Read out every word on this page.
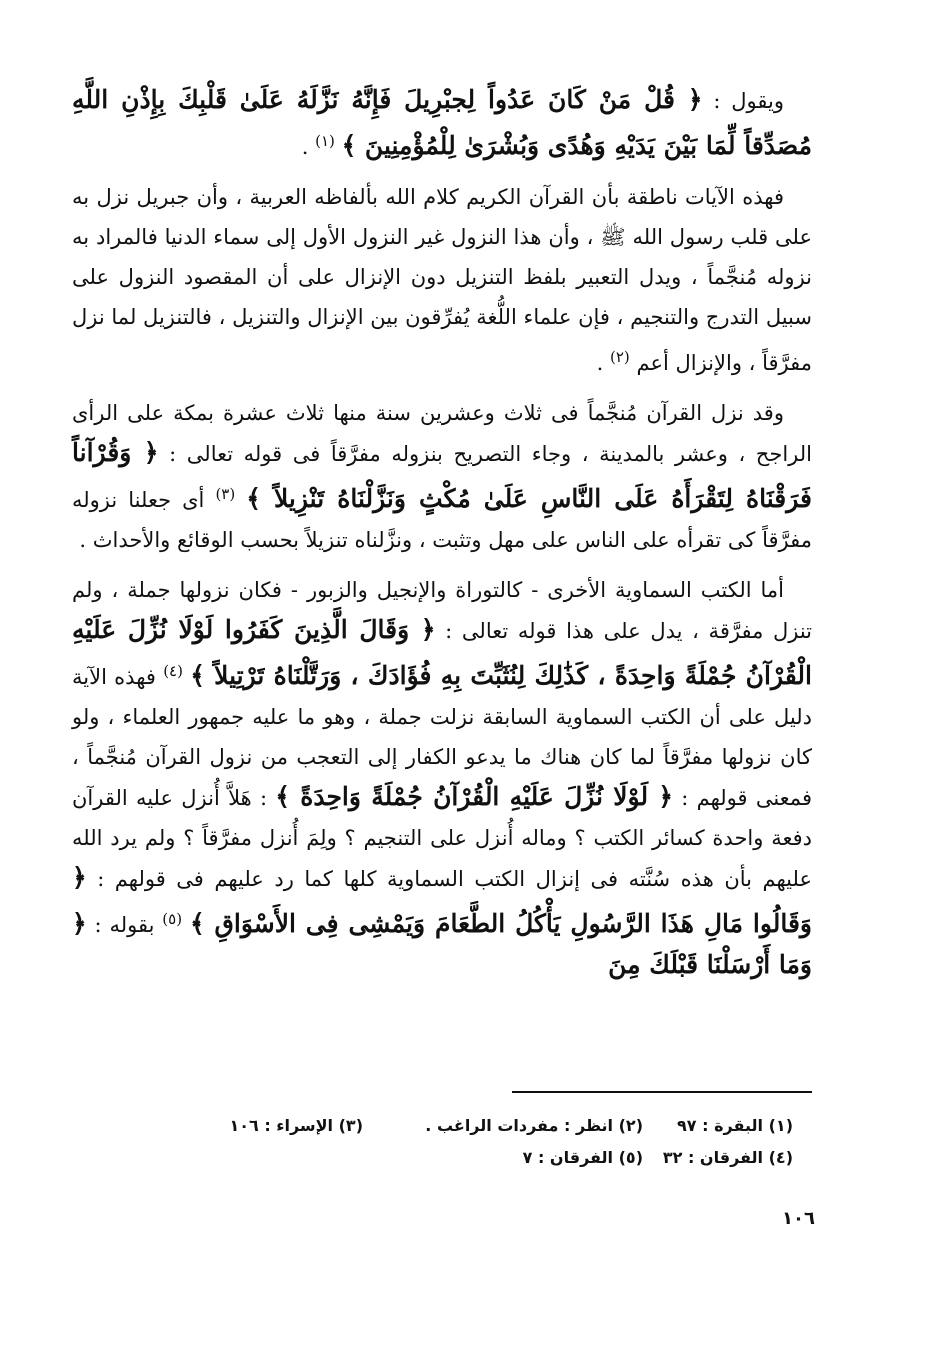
ويقول : ﴿ قُلْ مَنْ كَانَ عَدُواً لِجبْرِيلَ فَإِنَّهُ نَزَّلَهُ عَلَىٰ قَلْبِكَ بِإِذْنِ اللَّهِ مُصَدِّقاً لِّمَا بَيْنَ يَدَيْهِ وَهُدًى وَبُشْرَىٰ لِلْمُؤْمِنِينَ ﴾ $^{(١)}$ .

فهذه الآيات ناطقة بأن القرآن الكريم كلام الله بألفاظه العربية ، وأن جبريل نزل به على قلب رسول الله ﷺ ، وأن هذا النزول غير النزول الأول إلى سماء الدنيا فالمراد به نزوله مُنجَّماً ، ويدل التعبير بلفظ التنزيل دون الإنزال على أن المقصود النزول على سبيل التدرج والتنجيم ، فإن علماء اللُّغة يُفرِّقون بين الإنزال والتنزيل ، فالتنزيل لما نزل مفرَّقاً ، والإنزال أعم $^{(٢)}$ .

وقد نزل القرآن مُنجَّماً فى ثلاث وعشرين سنة منها ثلاث عشرة بمكة على الرأى الراجح ، وعشر بالمدينة ، وجاء التصريح بنزوله مفرَّقاً فى قوله تعالى : ﴿ وَقُرْآناً فَرَقْنَاهُ لِتَقْرَأَهُ عَلَى النَّاسِ عَلَىٰ مُكْثٍ وَنَزَّلْنَاهُ تَنْزِيلاً ﴾ $^{(٣)}$ أى جعلنا نزوله مفرَّقاً كى تقرأه على الناس على مهل وتثبت ، ونزَّلناه تنزيلاً بحسب الوقائع والأحداث .

أما الكتب السماوية الأخرى - كالتوراة والإنجيل والزبور - فكان نزولها جملة ، ولم تنزل مفرَّقة ، يدل على هذا قوله تعالى : ﴿ وَقَالَ الَّذِينَ كَفَرُوا لَوْلَا نُزِّلَ عَلَيْهِ الْقُرْآنُ جُمْلَةً وَاحِدَةً ، كَذَٰلِكَ لِنُثَبِّتَ بِهِ فُؤَادَكَ ، وَرَتَّلْنَاهُ تَرْتِيلاً ﴾ $^{(٤)}$ فهذه الآية دليل على أن الكتب السماوية السابقة نزلت جملة ، وهو ما عليه جمهور العلماء ، ولو كان نزولها مفرَّقاً لما كان هناك ما يدعو الكفار إلى التعجب من نزول القرآن مُنجَّماً ، فمعنى قولهم : ﴿ لَوْلَا نُزِّلَ عَلَيْهِ الْقُرْآنُ جُمْلَةً وَاحِدَةً ﴾ : هَلاَّ أُنزل عليه القرآن دفعة واحدة كسائر الكتب ؟ وماله أُنزل على التنجيم ؟ ولِمَ أُنزل مفرَّقاً ؟ ولم يرد الله عليهم بأن هذه سُنَّته فى إنزال الكتب السماوية كلها كما رد عليهم فى قولهم : ﴿ وَقَالُوا مَالِ هَذَا الرَّسُولِ يَأْكُلُ الطَّعَامَ وَيَمْشِى فِى الأَسْوَاقِ ﴾ $^{(٥)}$ بقوله : ﴿ وَمَا أَرْسَلْنَا قَبْلَكَ مِنَ

(١) البقرة : ٩٧
(٢) انظر : مفردات الراغب .
(٣) الإسراء : ١٠٦
(٤) الفرقان : ٣٢
(٥) الفرقان : ٧
١٠٦
